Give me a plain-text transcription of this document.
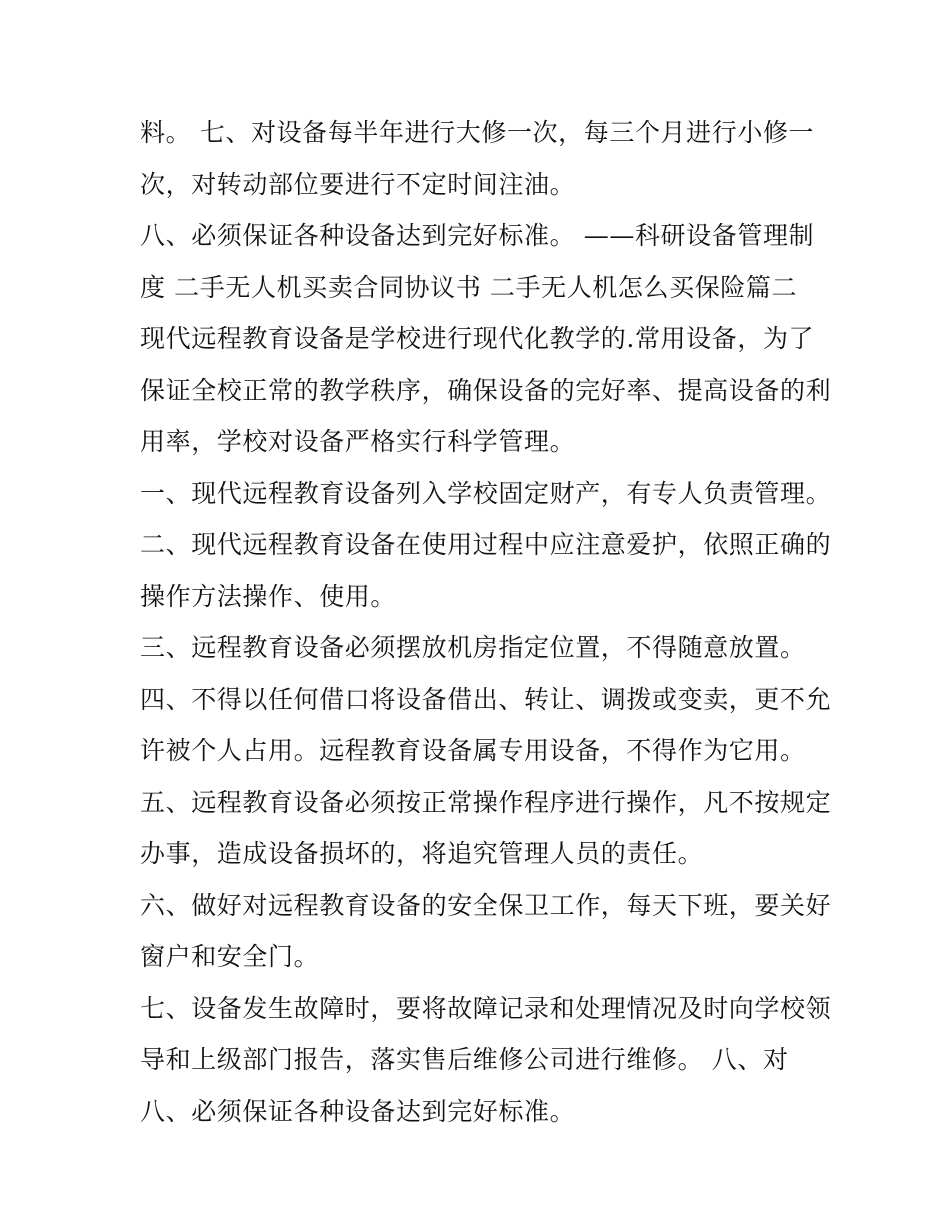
料。 七、对设备每半年进行大修一次，每三个月进行小修一
次，对转动部位要进行不定时间注油。
八、必须保证各种设备达到完好标准。 ——科研设备管理制
度 二手无人机买卖合同协议书 二手无人机怎么买保险篇二
现代远程教育设备是学校进行现代化教学的.常用设备，为了
保证全校正常的教学秩序，确保设备的完好率、提高设备的利
用率，学校对设备严格实行科学管理。
一、现代远程教育设备列入学校固定财产，有专人负责管理。
二、现代远程教育设备在使用过程中应注意爱护，依照正确的
操作方法操作、使用。
三、远程教育设备必须摆放机房指定位置，不得随意放置。
四、不得以任何借口将设备借出、转让、调拨或变卖，更不允
许被个人占用。远程教育设备属专用设备，不得作为它用。
五、远程教育设备必须按正常操作程序进行操作，凡不按规定
办事，造成设备损坏的，将追究管理人员的责任。
六、做好对远程教育设备的安全保卫工作，每天下班，要关好
窗户和安全门。
七、设备发生故障时，要将故障记录和处理情况及时向学校领
导和上级部门报告，落实售后维修公司进行维修。 八、对
八、必须保证各种设备达到完好标准。
